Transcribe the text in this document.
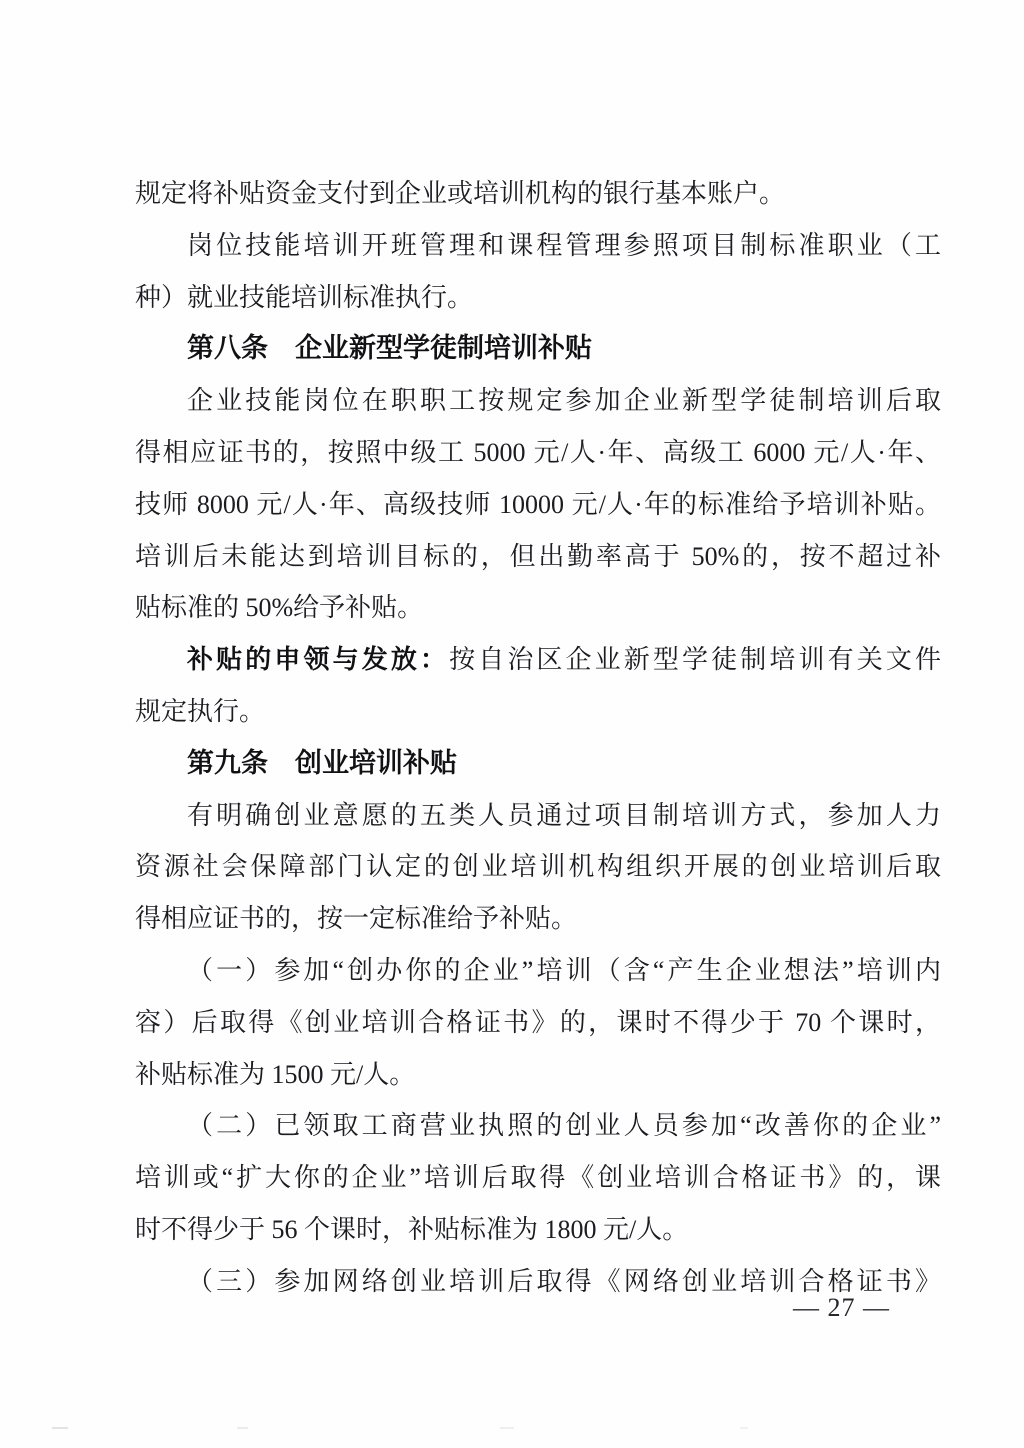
规定将补贴资金支付到企业或培训机构的银行基本账户。
岗位技能培训开班管理和课程管理参照项目制标准职业（工
种）就业技能培训标准执行。
第八条　企业新型学徒制培训补贴
企业技能岗位在职职工按规定参加企业新型学徒制培训后取
得相应证书的，按照中级工 5000 元/人·年、高级工 6000 元/人·年、
技师 8000 元/人·年、高级技师 10000 元/人·年的标准给予培训补贴。
培训后未能达到培训目标的，但出勤率高于 50%的，按不超过补
贴标准的 50%给予补贴。
补贴的申领与发放：按自治区企业新型学徒制培训有关文件
规定执行。
第九条　创业培训补贴
有明确创业意愿的五类人员通过项目制培训方式，参加人力
资源社会保障部门认定的创业培训机构组织开展的创业培训后取
得相应证书的，按一定标准给予补贴。
（一）参加“创办你的企业”培训（含“产生企业想法”培训内
容）后取得《创业培训合格证书》的，课时不得少于 70 个课时，
补贴标准为 1500 元/人。
（二）已领取工商营业执照的创业人员参加“改善你的企业”
培训或“扩大你的企业”培训后取得《创业培训合格证书》的，课
时不得少于 56 个课时，补贴标准为 1800 元/人。
（三）参加网络创业培训后取得《网络创业培训合格证书》
— 27 —
